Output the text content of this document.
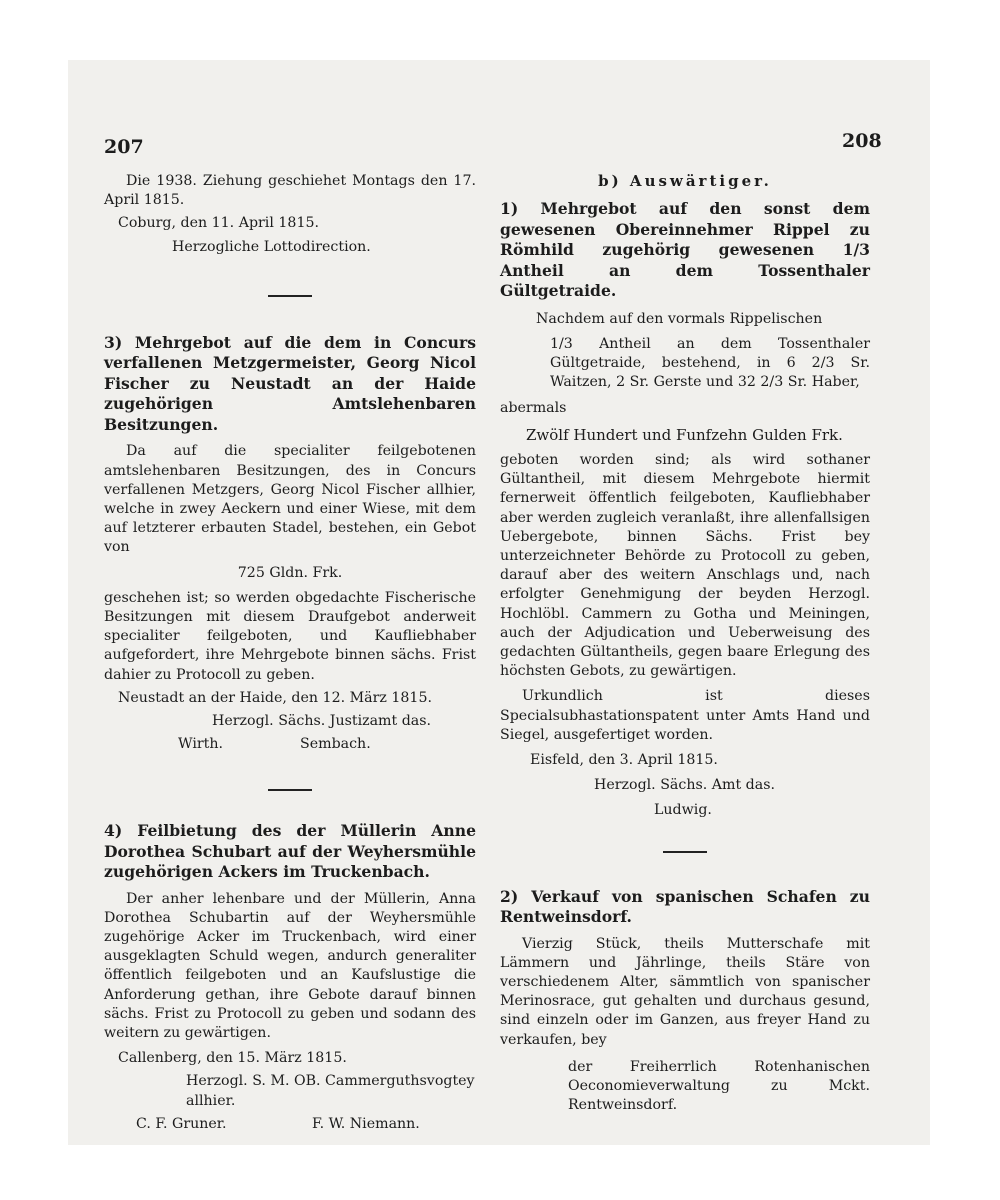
207	208

Die 1938. Ziehung geschiehet Montags den 17. April 1815.

Coburg, den 11. April 1815.

Herzogliche Lottodirection.

3) Mehrgebot auf die dem in Concurs verfallenen Metzgermeister, Georg Nicol Fischer zu Neustadt an der Haide zugehörigen Amtslehenbaren Besitzungen.

Da auf die specialiter feilgebotenen amtslehenbaren Besitzungen, des in Concurs verfallenen Metzgers, Georg Nicol Fischer allhier, welche in zwey Aeckern und einer Wiese, mit dem auf letzterer erbauten Stadel, bestehen, ein Gebot von

725 Gldn. Frk.

geschehen ist; so werden obgedachte Fischerische Besitzungen mit diesem Draufgebot anderweit specialiter feilgeboten, und Kaufliebhaber aufgefordert, ihre Mehrgebote binnen sächs. Frist dahier zu Protocoll zu geben.

Neustadt an der Haide, den 12. März 1815.

Herzogl. Sächs. Justizamt das.

Wirth.	Sembach.

4) Feilbietung des der Müllerin Anne Dorothea Schubart auf der Weyhersmühle zugehörigen Ackers im Truckenbach.

Der anher lehenbare und der Müllerin, Anna Dorothea Schubartin auf der Weyhersmühle zugehörige Acker im Truckenbach, wird einer ausgeklagten Schuld wegen, andurch generaliter öffentlich feilgeboten und an Kaufslustige die Anforderung gethan, ihre Gebote darauf binnen sächs. Frist zu Protocoll zu geben und sodann des weitern zu gewärtigen.

Callenberg, den 15. März 1815.

Herzogl. S. M. OB. Cammerguthsvogtey allhier.

C. F. Gruner.	F. W. Niemann.

b) Auswärtiger.

1) Mehrgebot auf den sonst dem gewesenen Obereinnehmer Rippel zu Römhild zugehörig gewesenen 1/3 Antheil an dem Tossenthaler Gültgetraide.

Nachdem auf den vormals Rippelischen

1/3 Antheil an dem Tossenthaler Gültgetraide, bestehend, in 6 2/3 Sr. Waitzen, 2 Sr. Gerste und 32 2/3 Sr. Haber,

abermals

Zwölf Hundert und Funfzehn Gulden Frk.

geboten worden sind; als wird sothaner Gültantheil, mit diesem Mehrgebote hiermit fernerweit öffentlich feilgeboten, Kaufliebhaber aber werden zugleich veranlaßt, ihre allenfallsigen Uebergebote, binnen Sächs. Frist bey unterzeichneter Behörde zu Protocoll zu geben, darauf aber des weitern Anschlags und, nach erfolgter Genehmigung der beyden Herzogl. Hochlöbl. Cammern zu Gotha und Meiningen, auch der Adjudication und Ueberweisung des gedachten Gültantheils, gegen baare Erlegung des höchsten Gebots, zu gewärtigen.

Urkundlich ist dieses Specialsubhastationspatent unter Amts Hand und Siegel, ausgefertiget worden.

Eisfeld, den 3. April 1815.

Herzogl. Sächs. Amt das.

Ludwig.

2) Verkauf von spanischen Schafen zu Rentweinsdorf.

Vierzig Stück, theils Mutterschafe mit Lämmern und Jährlinge, theils Stäre von verschiedenem Alter, sämmtlich von spanischer Merinosrace, gut gehalten und durchaus gesund, sind einzeln oder im Ganzen, aus freyer Hand zu verkaufen, bey

der Freiherrlich Rotenhanischen Oeconomieverwaltung zu Mckt. Rentweinsdorf.
